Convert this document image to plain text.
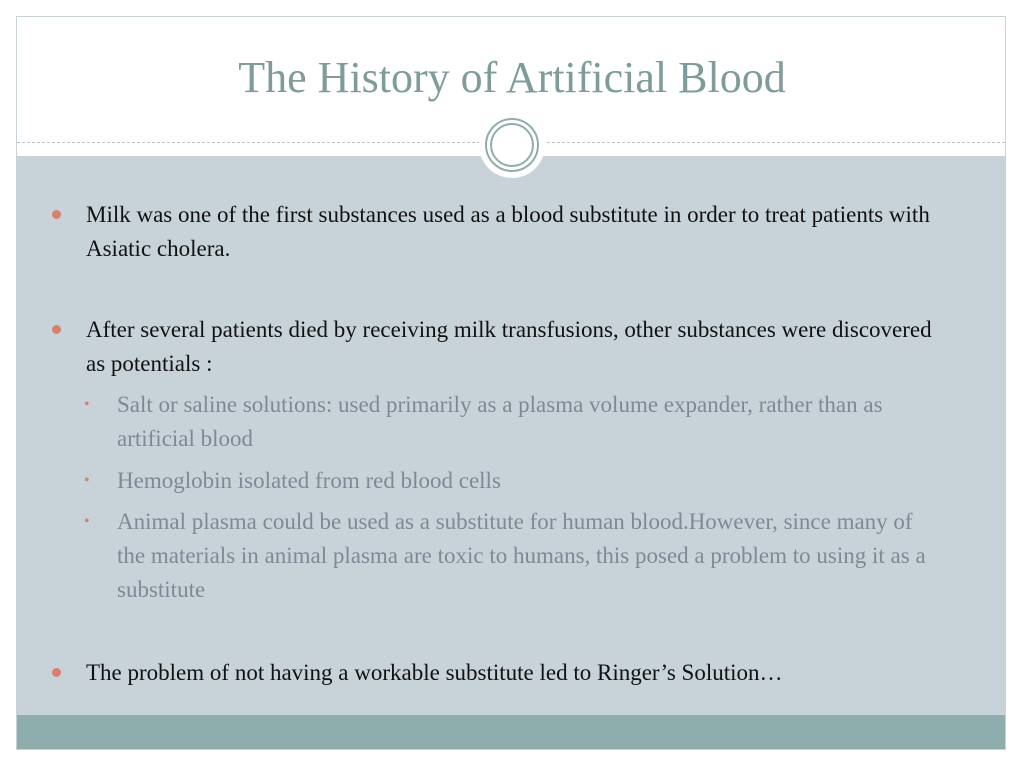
The History of Artificial Blood
Milk was one of the first substances used as a blood substitute in order to treat patients with Asiatic cholera.
After several patients died by receiving milk transfusions, other substances were discovered as potentials :
• Salt or saline solutions: used primarily as a plasma volume expander, rather than as artificial blood
• Hemoglobin isolated from red blood cells
• Animal plasma could be used as a substitute for human blood.However, since many of the materials in animal plasma are toxic to humans, this posed a problem to using it as a substitute
The problem of not having a workable substitute led to Ringer’s Solution…
